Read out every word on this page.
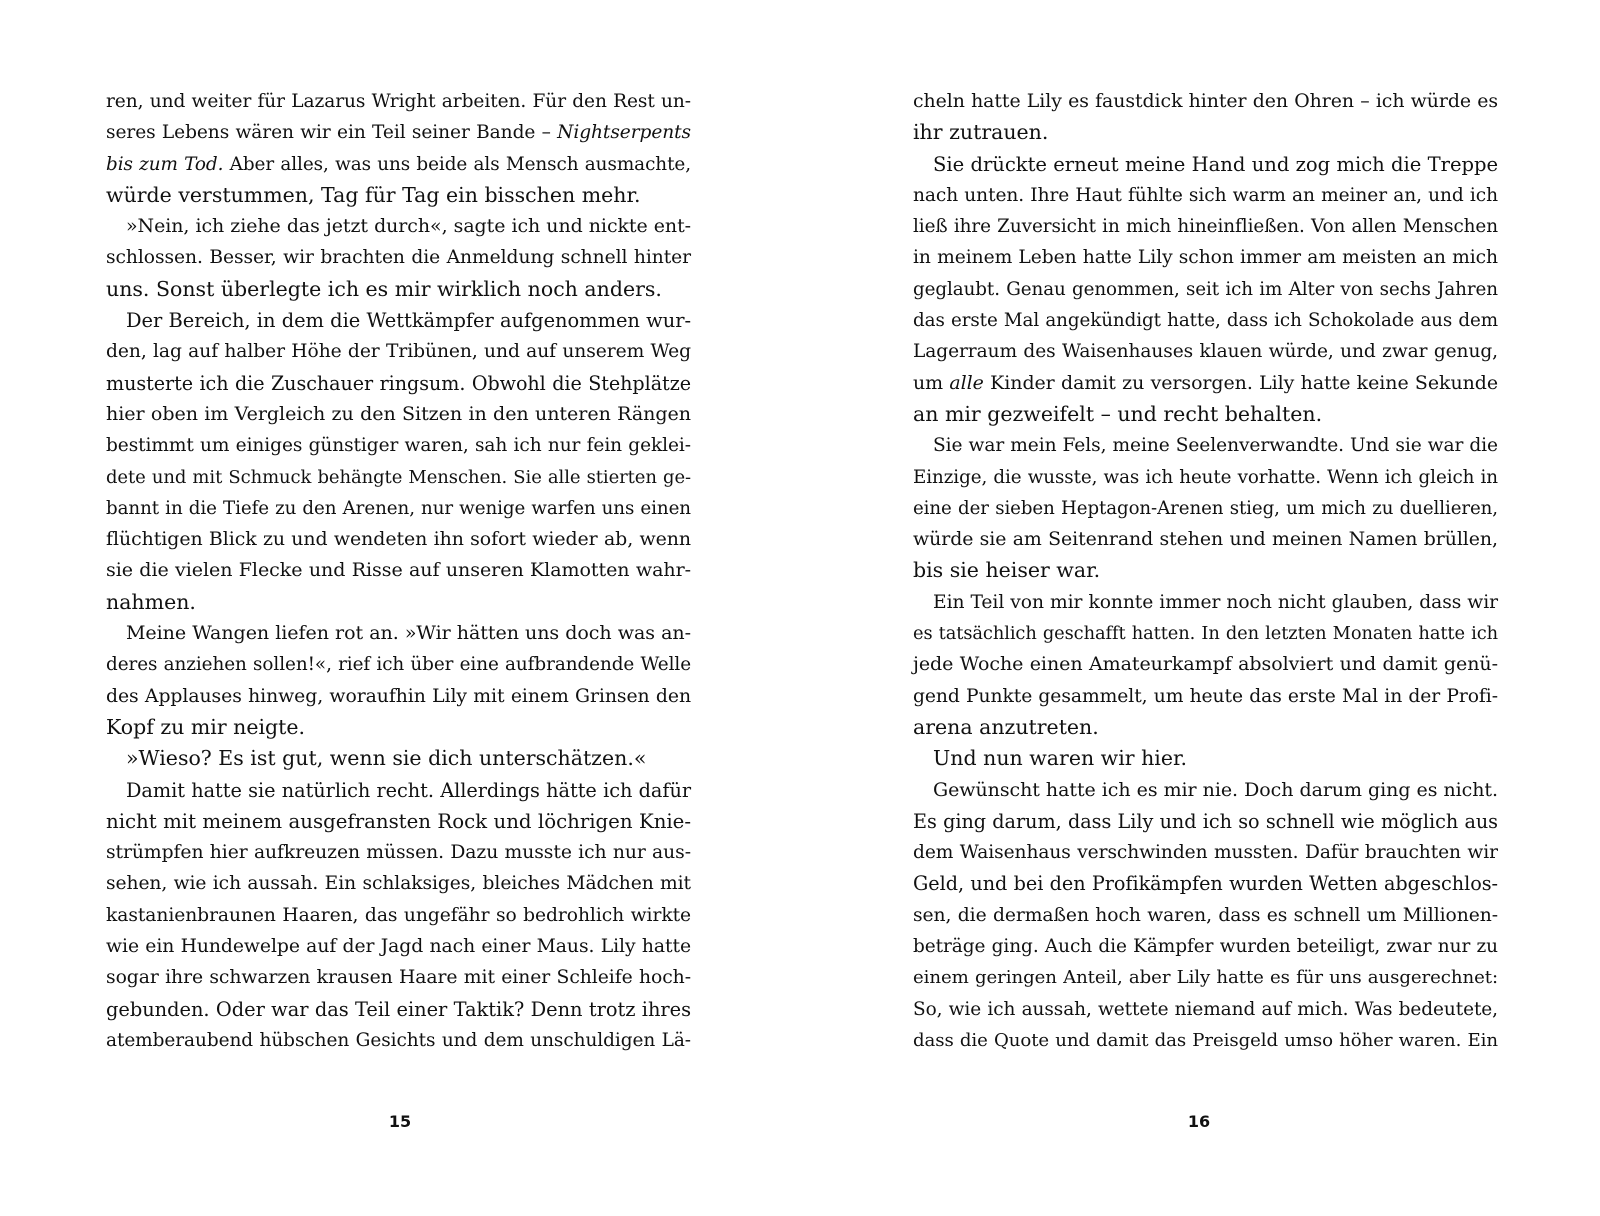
ren, und weiter für Lazarus Wright arbeiten. Für den Rest un-
seres Lebens wären wir ein Teil seiner Bande – Nightserpents
bis zum Tod. Aber alles, was uns beide als Mensch ausmachte,
würde verstummen, Tag für Tag ein bisschen mehr.
»Nein, ich ziehe das jetzt durch«, sagte ich und nickte ent-
schlossen. Besser, wir brachten die Anmeldung schnell hinter
uns. Sonst überlegte ich es mir wirklich noch anders.
Der Bereich, in dem die Wettkämpfer aufgenommen wur-
den, lag auf halber Höhe der Tribünen, und auf unserem Weg
musterte ich die Zuschauer ringsum. Obwohl die Stehplätze
hier oben im Vergleich zu den Sitzen in den unteren Rängen
bestimmt um einiges günstiger waren, sah ich nur fein geklei-
dete und mit Schmuck behängte Menschen. Sie alle stierten ge-
bannt in die Tiefe zu den Arenen, nur wenige warfen uns einen
flüchtigen Blick zu und wendeten ihn sofort wieder ab, wenn
sie die vielen Flecke und Risse auf unseren Klamotten wahr-
nahmen.
Meine Wangen liefen rot an. »Wir hätten uns doch was an-
deres anziehen sollen!«, rief ich über eine aufbrandende Welle
des Applauses hinweg, woraufhin Lily mit einem Grinsen den
Kopf zu mir neigte.
»Wieso? Es ist gut, wenn sie dich unterschätzen.«
Damit hatte sie natürlich recht. Allerdings hätte ich dafür
nicht mit meinem ausgefransten Rock und löchrigen Knie-
strümpfen hier aufkreuzen müssen. Dazu musste ich nur aus-
sehen, wie ich aussah. Ein schlaksiges, bleiches Mädchen mit
kastanienbraunen Haaren, das ungefähr so bedrohlich wirkte
wie ein Hundewelpe auf der Jagd nach einer Maus. Lily hatte
sogar ihre schwarzen krausen Haare mit einer Schleife hoch-
gebunden. Oder war das Teil einer Taktik? Denn trotz ihres
atemberaubend hübschen Gesichts und dem unschuldigen Lä-
15
cheln hatte Lily es faustdick hinter den Ohren – ich würde es
ihr zutrauen.
Sie drückte erneut meine Hand und zog mich die Treppe
nach unten. Ihre Haut fühlte sich warm an meiner an, und ich
ließ ihre Zuversicht in mich hineinfließen. Von allen Menschen
in meinem Leben hatte Lily schon immer am meisten an mich
geglaubt. Genau genommen, seit ich im Alter von sechs Jahren
das erste Mal angekündigt hatte, dass ich Schokolade aus dem
Lagerraum des Waisenhauses klauen würde, und zwar genug,
um alle Kinder damit zu versorgen. Lily hatte keine Sekunde
an mir gezweifelt – und recht behalten.
Sie war mein Fels, meine Seelenverwandte. Und sie war die
Einzige, die wusste, was ich heute vorhatte. Wenn ich gleich in
eine der sieben Heptagon-Arenen stieg, um mich zu duellieren,
würde sie am Seitenrand stehen und meinen Namen brüllen,
bis sie heiser war.
Ein Teil von mir konnte immer noch nicht glauben, dass wir
es tatsächlich geschafft hatten. In den letzten Monaten hatte ich
jede Woche einen Amateurkampf absolviert und damit genü-
gend Punkte gesammelt, um heute das erste Mal in der Profi-
arena anzutreten.
Und nun waren wir hier.
Gewünscht hatte ich es mir nie. Doch darum ging es nicht.
Es ging darum, dass Lily und ich so schnell wie möglich aus
dem Waisenhaus verschwinden mussten. Dafür brauchten wir
Geld, und bei den Profikämpfen wurden Wetten abgeschlos-
sen, die dermaßen hoch waren, dass es schnell um Millionen-
beträge ging. Auch die Kämpfer wurden beteiligt, zwar nur zu
einem geringen Anteil, aber Lily hatte es für uns ausgerechnet:
So, wie ich aussah, wettete niemand auf mich. Was bedeutete,
dass die Quote und damit das Preisgeld umso höher waren. Ein
16
